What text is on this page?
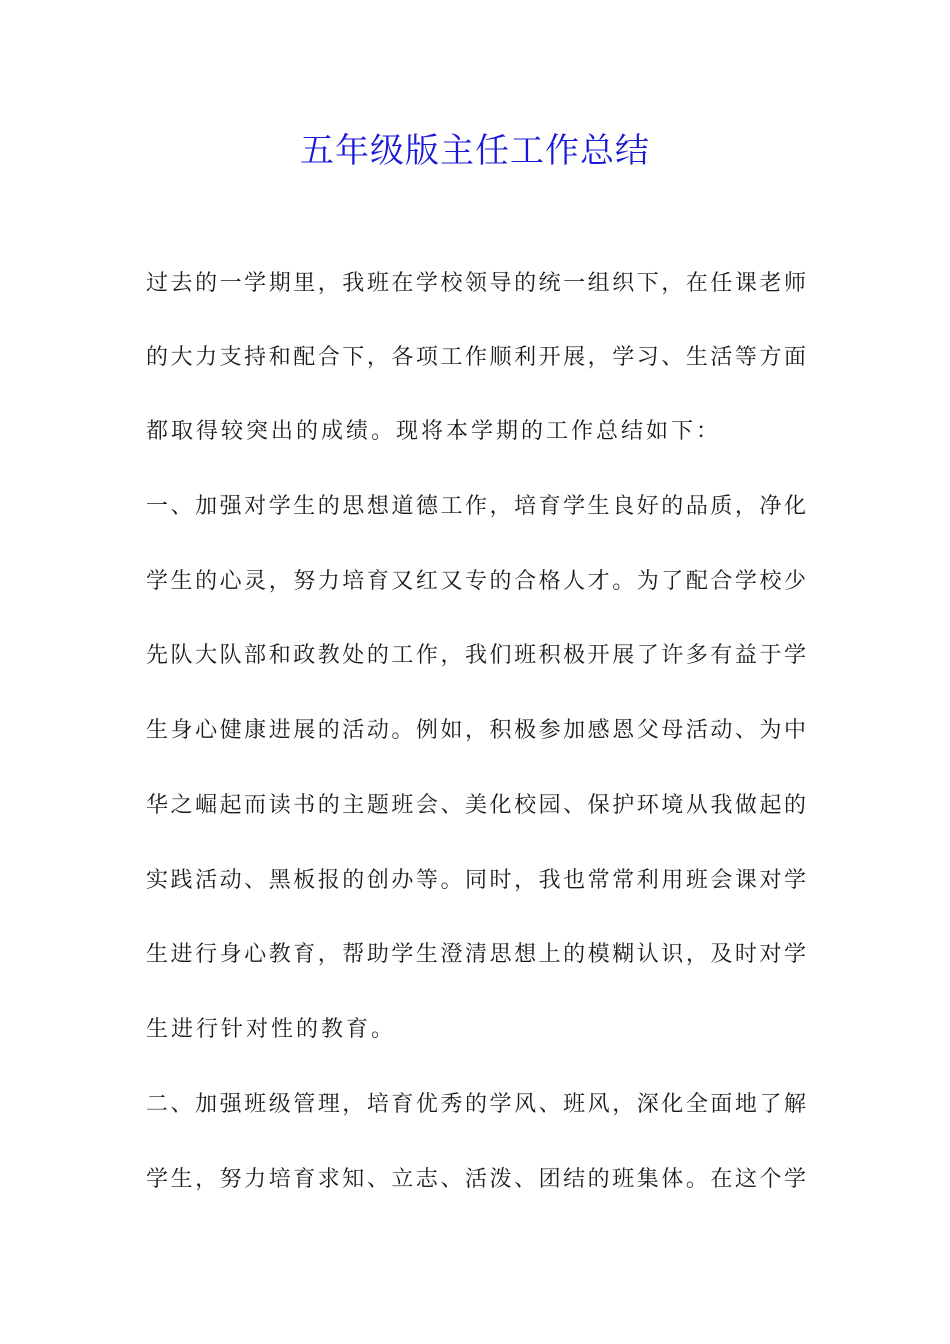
五年级版主任工作总结
过去的一学期里，我班在学校领导的统一组织下，在任课老师
的大力支持和配合下，各项工作顺利开展，学习、生活等方面
都取得较突出的成绩。现将本学期的工作总结如下：
一、加强对学生的思想道德工作，培育学生良好的品质，净化
学生的心灵，努力培育又红又专的合格人才。为了配合学校少
先队大队部和政教处的工作，我们班积极开展了许多有益于学
生身心健康进展的活动。例如，积极参加感恩父母活动、为中
华之崛起而读书的主题班会、美化校园、保护环境从我做起的
实践活动、黑板报的创办等。同时，我也常常利用班会课对学
生进行身心教育，帮助学生澄清思想上的模糊认识，及时对学
生进行针对性的教育。
二、加强班级管理，培育优秀的学风、班风，深化全面地了解
学生，努力培育求知、立志、活泼、团结的班集体。在这个学
